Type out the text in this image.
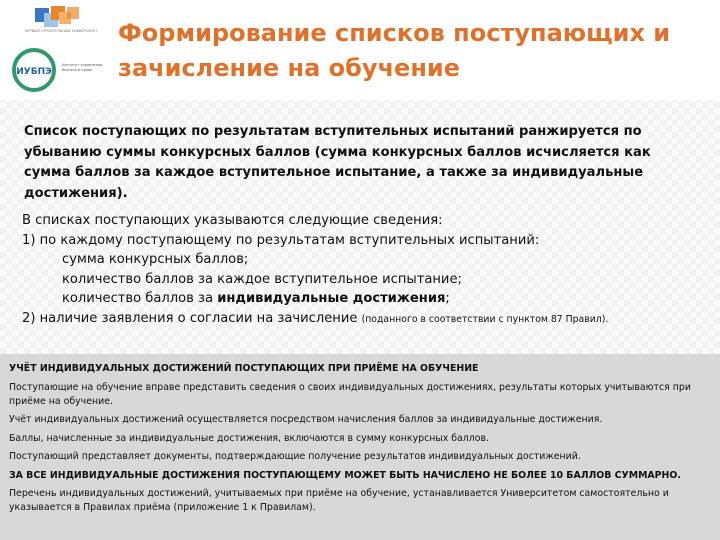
ПЕРВЫЙ СТРОИТЕЛЬНЫЙ УНИВЕРСИТЕТ
ИУБПЭ
Институт управления, бизнеса и права
Формирование списков поступающих и
зачисление на обучение
Список поступающих по результатам вступительных испытаний ранжируется по убыванию суммы конкурсных баллов (сумма конкурсных баллов исчисляется как сумма баллов за каждое вступительное испытание, а также за индивидуальные достижения).
В списках поступающих указываются следующие сведения:
1) по каждому поступающему по результатам вступительных испытаний:
сумма конкурсных баллов;
количество баллов за каждое вступительное испытание;
количество баллов за индивидуальные достижения;
2) наличие заявления о согласии на зачисление (поданного в соответствии с пунктом 87 Правил).

УЧЁТ ИНДИВИДУАЛЬНЫХ ДОСТИЖЕНИЙ ПОСТУПАЮЩИХ ПРИ ПРИЁМЕ НА ОБУЧЕНИЕ

Поступающие на обучение вправе представить сведения о своих индивидуальных достижениях, результаты которых учитываются при приёме на обучение.

Учёт индивидуальных достижений осуществляется посредством начисления баллов за индивидуальные достижения.

Баллы, начисленные за индивидуальные достижения, включаются в сумму конкурсных баллов.

Поступающий представляет документы, подтверждающие получение результатов индивидуальных достижений.

ЗА ВСЕ ИНДИВИДУАЛЬНЫЕ ДОСТИЖЕНИЯ ПОСТУПАЮЩЕМУ МОЖЕТ БЫТЬ НАЧИСЛЕНО НЕ БОЛЕЕ 10 БАЛЛОВ СУММАРНО.

Перечень индивидуальных достижений, учитываемых при приёме на обучение, устанавливается Университетом самостоятельно и указывается в Правилах приёма (приложение 1 к Правилам).
